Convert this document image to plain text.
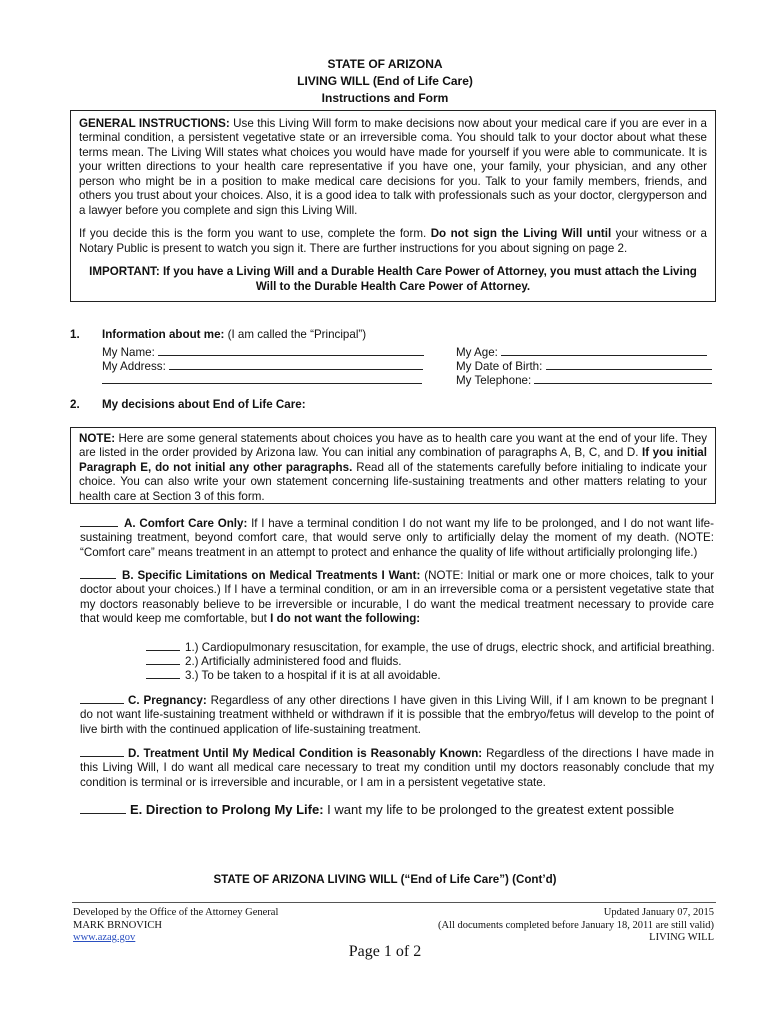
STATE OF ARIZONA
LIVING WILL (End of Life Care)
Instructions and Form

GENERAL INSTRUCTIONS: Use this Living Will form to make decisions now about your medical care if you are ever in a terminal condition, a persistent vegetative state or an irreversible coma. You should talk to your doctor about what these terms mean. The Living Will states what choices you would have made for yourself if you were able to communicate. It is your written directions to your health care representative if you have one, your family, your physician, and any other person who might be in a position to make medical care decisions for you. Talk to your family members, friends, and others you trust about your choices. Also, it is a good idea to talk with professionals such as your doctor, clergyperson and a lawyer before you complete and sign this Living Will.

If you decide this is the form you want to use, complete the form. Do not sign the Living Will until your witness or a Notary Public is present to watch you sign it. There are further instructions for you about signing on page 2.

IMPORTANT: If you have a Living Will and a Durable Health Care Power of Attorney, you must attach the Living Will to the Durable Health Care Power of Attorney.

1. Information about me: (I am called the “Principal”)
My Name:
My Address:
My Age:
My Date of Birth:
My Telephone:
2. My decisions about End of Life Care:

NOTE: Here are some general statements about choices you have as to health care you want at the end of your life. They are listed in the order provided by Arizona law. You can initial any combination of paragraphs A, B, C, and D. If you initial Paragraph E, do not initial any other paragraphs. Read all of the statements carefully before initialing to indicate your choice. You can also write your own statement concerning life-sustaining treatments and other matters relating to your health care at Section 3 of this form.

A. Comfort Care Only: If I have a terminal condition I do not want my life to be prolonged, and I do not want life-sustaining treatment, beyond comfort care, that would serve only to artificially delay the moment of my death. (NOTE: “Comfort care” means treatment in an attempt to protect and enhance the quality of life without artificially prolonging life.)

B. Specific Limitations on Medical Treatments I Want: (NOTE: Initial or mark one or more choices, talk to your doctor about your choices.) If I have a terminal condition, or am in an irreversible coma or a persistent vegetative state that my doctors reasonably believe to be irreversible or incurable, I do want the medical treatment necessary to provide care that would keep me comfortable, but I do not want the following:

1.) Cardiopulmonary resuscitation, for example, the use of drugs, electric shock, and artificial breathing.
2.) Artificially administered food and fluids.
3.) To be taken to a hospital if it is at all avoidable.

C. Pregnancy: Regardless of any other directions I have given in this Living Will, if I am known to be pregnant I do not want life-sustaining treatment withheld or withdrawn if it is possible that the embryo/fetus will develop to the point of live birth with the continued application of life-sustaining treatment.

D. Treatment Until My Medical Condition is Reasonably Known: Regardless of the directions I have made in this Living Will, I do want all medical care necessary to treat my condition until my doctors reasonably conclude that my condition is terminal or is irreversible and incurable, or I am in a persistent vegetative state.

E. Direction to Prolong My Life: I want my life to be prolonged to the greatest extent possible
STATE OF ARIZONA LIVING WILL (“End of Life Care”) (Cont’d)
Developed by the Office of the Attorney General
MARK BRNOVICH
www.azag.gov
Updated January 07, 2015
(All documents completed before January 18, 2011 are still valid)
LIVING WILL
Page 1 of 2
